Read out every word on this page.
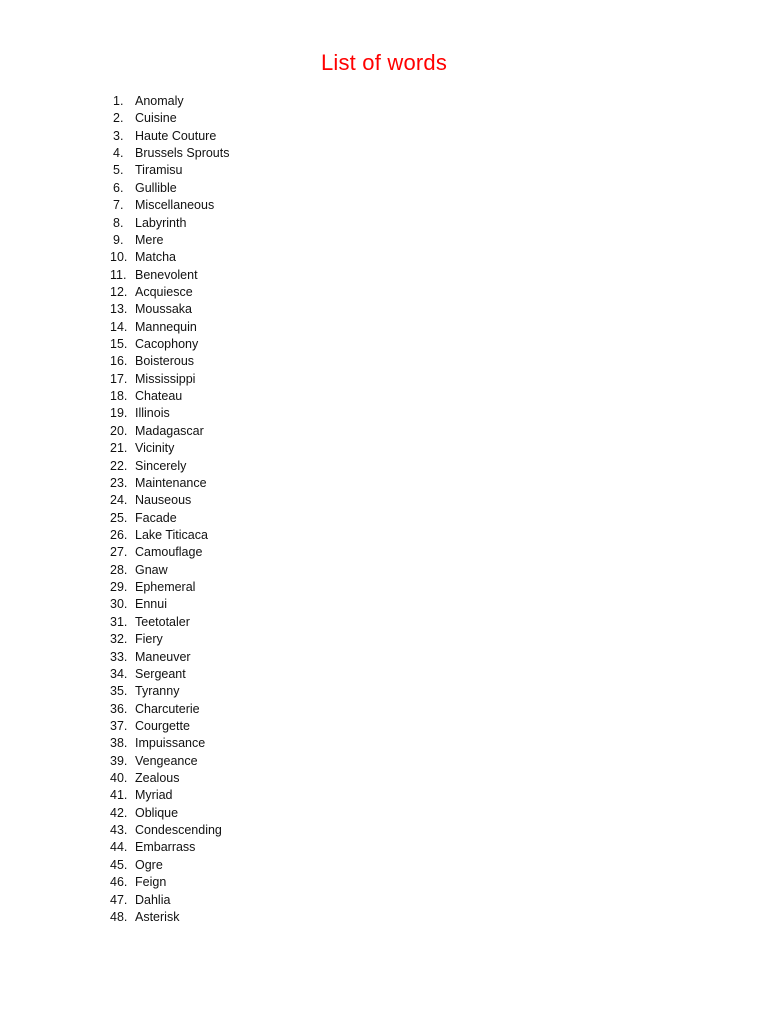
List of words
1. Anomaly
2. Cuisine
3. Haute Couture
4. Brussels Sprouts
5. Tiramisu
6. Gullible
7. Miscellaneous
8. Labyrinth
9. Mere
10. Matcha
11. Benevolent
12. Acquiesce
13. Moussaka
14. Mannequin
15. Cacophony
16. Boisterous
17. Mississippi
18. Chateau
19. Illinois
20. Madagascar
21. Vicinity
22. Sincerely
23. Maintenance
24. Nauseous
25. Facade
26. Lake Titicaca
27. Camouflage
28. Gnaw
29. Ephemeral
30. Ennui
31. Teetotaler
32. Fiery
33. Maneuver
34. Sergeant
35. Tyranny
36. Charcuterie
37. Courgette
38. Impuissance
39. Vengeance
40. Zealous
41. Myriad
42. Oblique
43. Condescending
44. Embarrass
45. Ogre
46. Feign
47. Dahlia
48. Asterisk
